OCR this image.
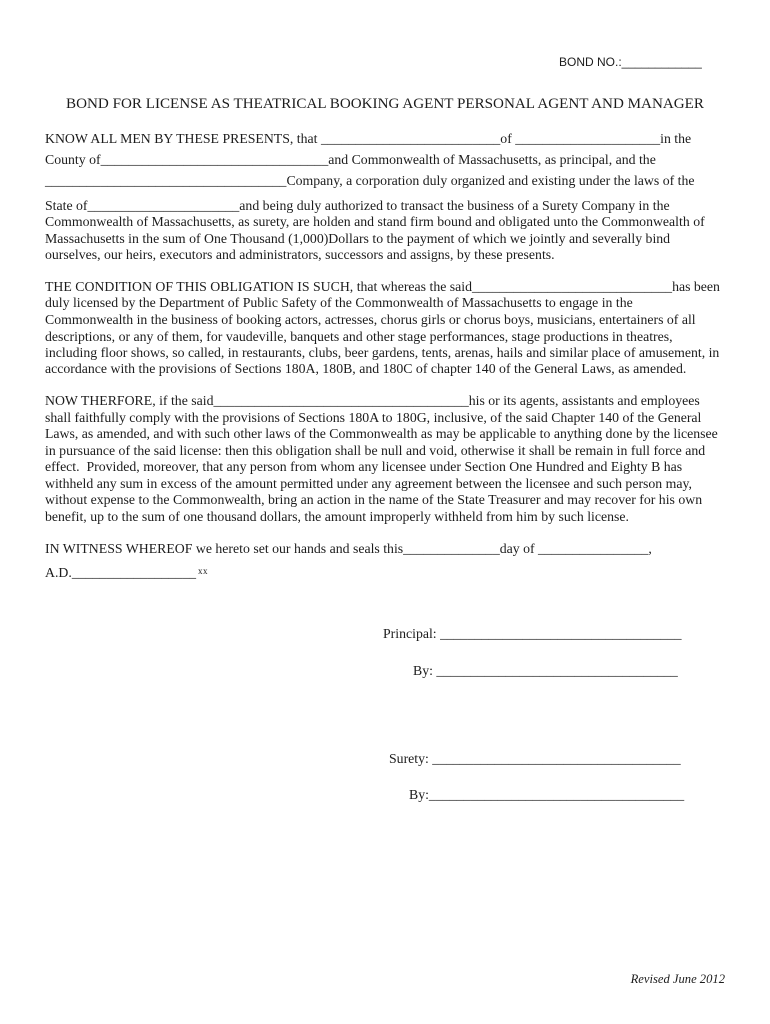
BOND NO.:____________
BOND FOR LICENSE AS THEATRICAL BOOKING AGENT PERSONAL AGENT AND MANAGER
KNOW ALL MEN BY THESE PRESENTS, that __________________________of _____________________in the
County of_________________________________and Commonwealth of Massachusetts, as principal, and the
___________________________________Company, a corporation duly organized and existing under the laws of the
State of______________________and being duly authorized to transact the business of a Surety Company in the
Commonwealth of Massachusetts, as surety, are holden and stand firm bound and obligated unto the Commonwealth of
Massachusetts in the sum of One Thousand (1,000)Dollars to the payment of which we jointly and severally bind
ourselves, our heirs, executors and administrators, successors and assigns, by these presents.
THE CONDITION OF THIS OBLIGATION IS SUCH, that whereas the said_____________________________has been
duly licensed by the Department of Public Safety of the Commonwealth of Massachusetts to engage in the
Commonwealth in the business of booking actors, actresses, chorus girls or chorus boys, musicians, entertainers of all
descriptions, or any of them, for vaudeville, banquets and other stage performances, stage productions in theatres,
including floor shows, so called, in restaurants, clubs, beer gardens, tents, arenas, hails and similar place of amusement, in
accordance with the provisions of Sections 180A, 180B, and 180C of chapter 140 of the General Laws, as amended.
NOW THERFORE, if the said_____________________________________his or its agents, assistants and employees
shall faithfully comply with the provisions of Sections 180A to 180G, inclusive, of the said Chapter 140 of the General
Laws, as amended, and with such other laws of the Commonwealth as may be applicable to anything done by the licensee
in pursuance of the said license: then this obligation shall be null and void, otherwise it shall be remain in full force and
effect.  Provided, moreover, that any person from whom any licensee under Section One Hundred and Eighty B has
withheld any sum in excess of the amount permitted under any agreement between the licensee and such person may,
without expense to the Commonwealth, bring an action in the name of the State Treasurer and may recover for his own
benefit, up to the sum of one thousand dollars, the amount improperly withheld from him by such license.
IN WITNESS WHEREOF we hereto set our hands and seals this______________day of ________________,
A.D.__________________ $^{xx}$
Principal: ___________________________________
By: ___________________________________
Surety: ____________________________________
By:_____________________________________
Revised June 2012
